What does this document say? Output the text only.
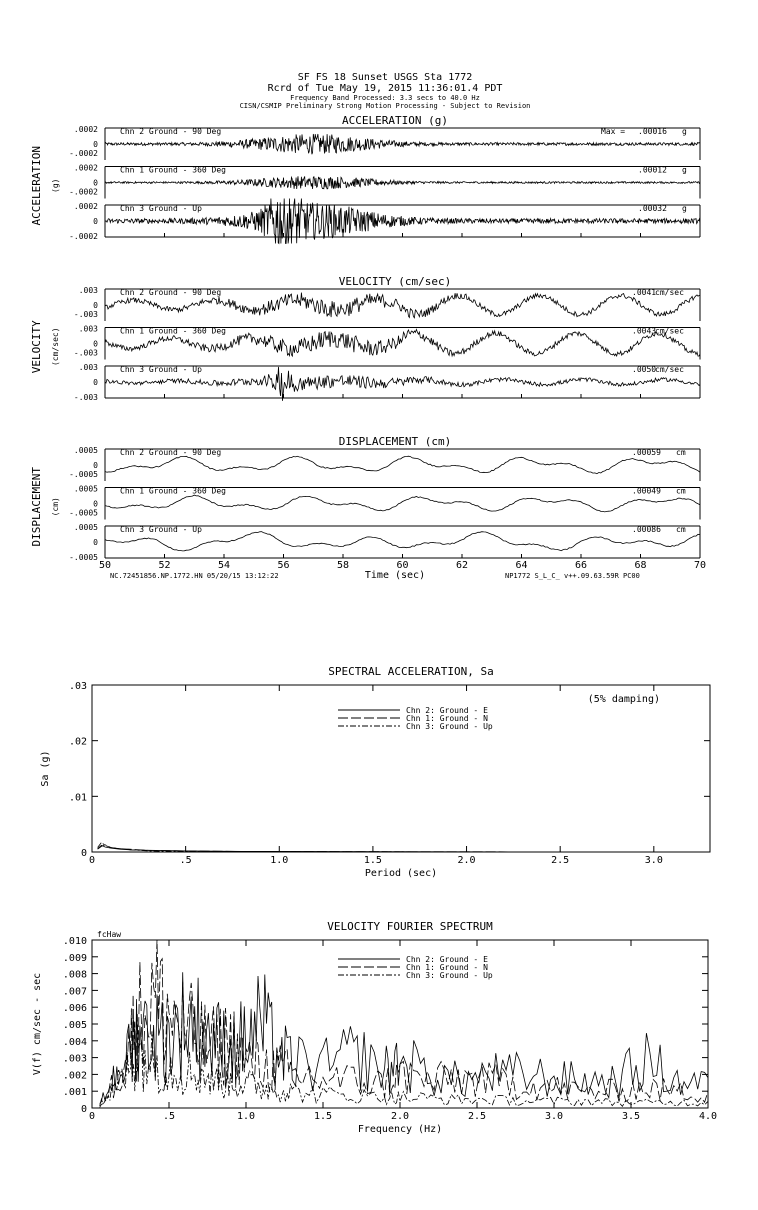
SF FS 18 Sunset USGS Sta 1772
Rcrd of Tue May 19, 2015 11:36:01.4 PDT
Frequency Band Processed: 3.3 secs to 40.0 Hz
CISN/CSMIP Preliminary Strong Motion Processing - Subject to Revision
ACCELERATION (g)
ACCELERATION (g)
.0002
0
-.0002
Chn 2 Ground - 90 Deg	Max = .00016 g
.0002
0
-.0002
Chn 1 Ground - 360 Deg	.00012 g
.0002
0
-.0002
Chn 3 Ground - Up	.00032 g
VELOCITY (cm/sec)
VELOCITY (cm/sec)
.003
0
-.003
Chn 2 Ground - 90 Deg	.0041
cm/sec
.003
0
-.003
Chn 1 Ground - 360 Deg	.0043
cm/sec
.003
0
-.003
Chn 3 Ground - Up	.0050
cm/sec
DISPLACEMENT (cm)
DISPLACEMENT (cm)
.0005
0
-.0005
Chn 2 Ground - 90 Deg	.00059 cm
.0005
0
-.0005
Chn 1 Ground - 360 Deg	.00049 cm
.0005
0
-.0005
Chn 3 Ground - Up	.00086 cm
50	52	54	56	58	60	62	64	66	68	70
Time (sec)
NC.72451856.NP.1772.HN 05/20/15 13:12:22	NP1772 S_L_C_ v++.09.63.59R PC00
SPECTRAL ACCELERATION, Sa
0	.5	1.0	1.5	2.0	2.5	3.0
0
.01
.02
.03
Period (sec)
Sa (g)
Chn 2: Ground - E
Chn 1: Ground - N
Chn 3: Ground - Up
(5% damping)
VELOCITY FOURIER SPECTRUM
0	.5	1.0	1.5	2.0	2.5	3.0	3.5	4.0
0
.001
.002
.003
.004
.005
.006
.007
.008
.009
.010
Frequency (Hz)
V(f) cm/sec - sec
Chn 2: Ground - E
Chn 1: Ground - N
Chn 3: Ground - Up
fcHaw
